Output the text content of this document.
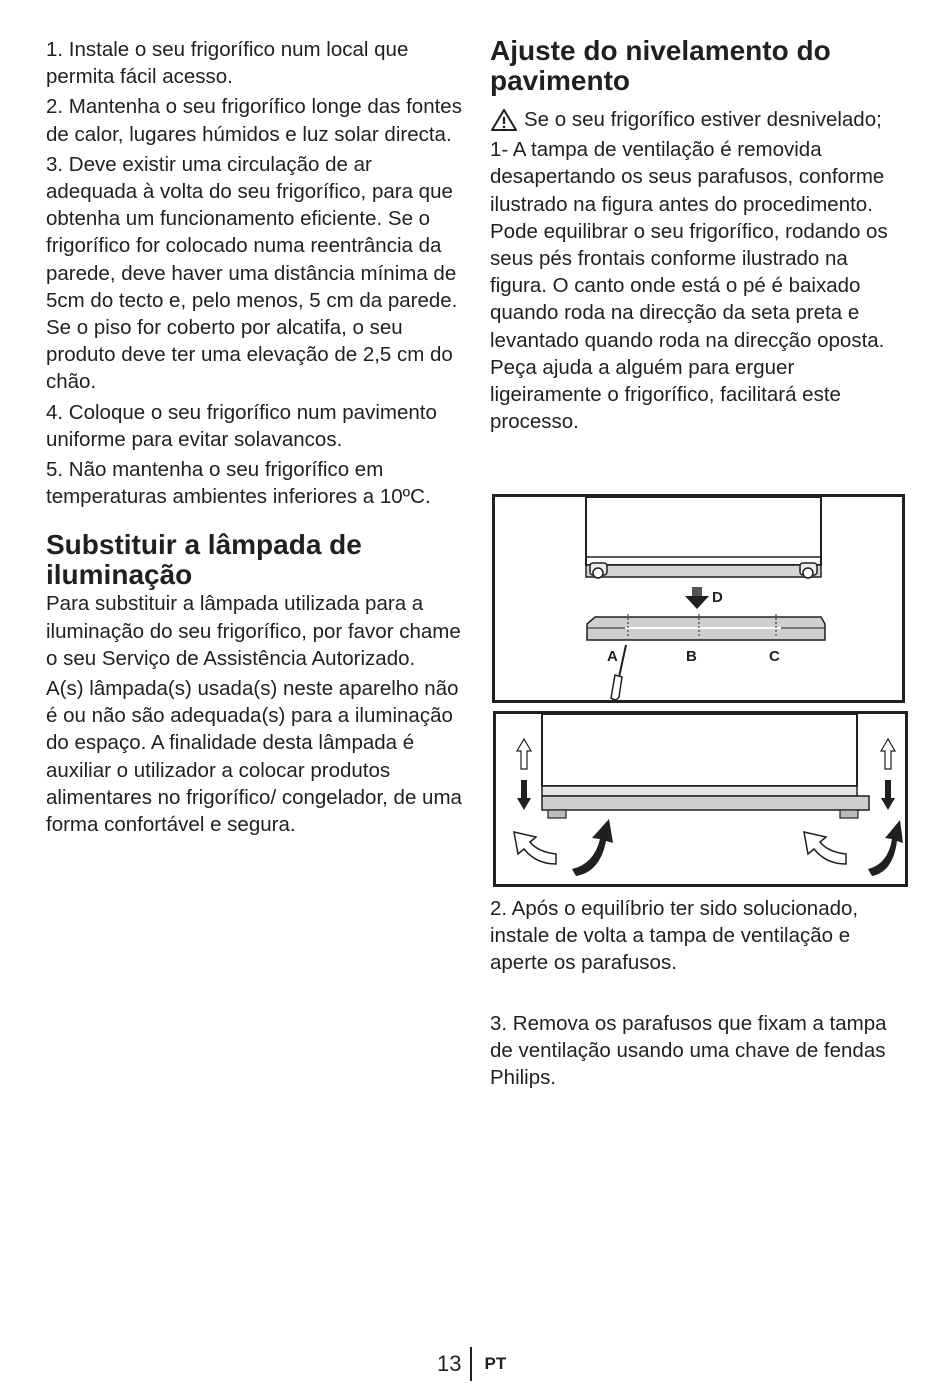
1. Instale o seu frigorífico num local que permita fácil acesso.

2. Mantenha o seu frigorífico longe das fontes de calor, lugares húmidos e luz solar directa.

3. Deve existir uma circulação de ar adequada à volta do seu frigorífico, para que obtenha um funcionamento eficiente. Se o frigorífico for colocado numa reentrância da parede, deve haver uma distância mínima de 5cm do tecto e, pelo menos, 5 cm da parede. Se o piso for coberto por alcatifa, o seu produto deve ter uma elevação de 2,5 cm do chão.

4. Coloque o seu frigorífico num pavimento uniforme para evitar solavancos.

5. Não mantenha o seu frigorífico em temperaturas ambientes inferiores a 10ºC.

Substituir a lâmpada de iluminação

Para substituir a lâmpada utilizada para a iluminação do seu frigorífico, por favor chame o seu Serviço de Assistência Autorizado.

A(s) lâmpada(s) usada(s) neste aparelho não é ou não são adequada(s) para a iluminação do espaço. A finalidade desta lâmpada é auxiliar o utilizador a colocar produtos alimentares no frigorífico/ congelador, de uma forma confortável e segura.

Ajuste do nivelamento do pavimento

Se o seu frigorífico estiver desnivelado;

1- A tampa de ventilação é removida desapertando os seus parafusos, conforme ilustrado na figura antes do procedimento. Pode equilibrar o seu frigorífico, rodando os seus pés frontais conforme ilustrado na figura. O canto onde está o pé é baixado quando roda na direcção da seta preta e levantado quando roda na direcção oposta. Peça ajuda a alguém para erguer ligeiramente o frigorífico, facilitará este processo.

D
A	B	C

2. Após o equilíbrio ter sido solucionado, instale de volta a tampa de ventilação e aperte os parafusos.

3. Remova os parafusos que fixam a tampa de ventilação usando uma chave de fendas Philips.

13 PT
